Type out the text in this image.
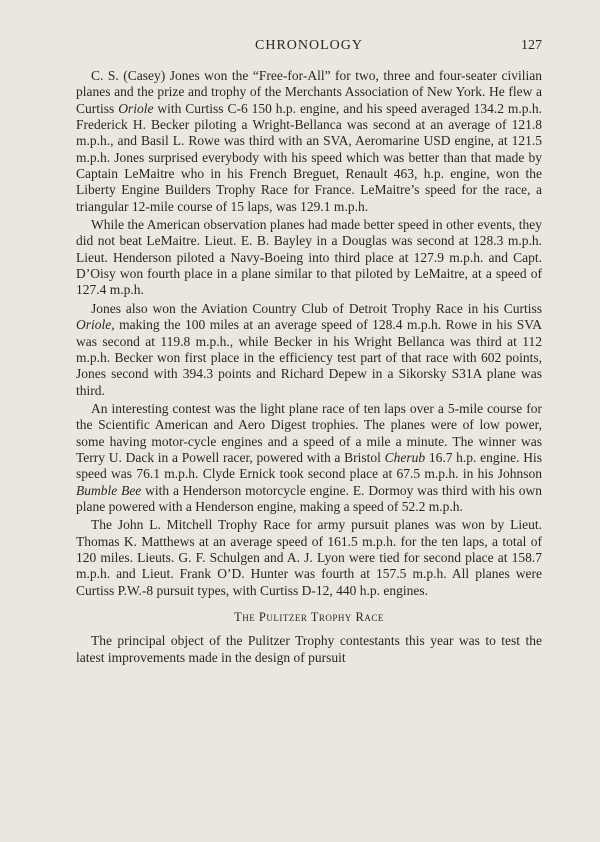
CHRONOLOGY	127

C. S. (Casey) Jones won the “Free-for-All” for two, three and four-seater civilian planes and the prize and trophy of the Merchants Association of New York. He flew a Curtiss Oriole with Curtiss C-6 150 h.p. engine, and his speed averaged 134.2 m.p.h. Frederick H. Becker piloting a Wright-Bellanca was second at an average of 121.8 m.p.h., and Basil L. Rowe was third with an SVA, Aeromarine USD engine, at 121.5 m.p.h. Jones surprised everybody with his speed which was better than that made by Captain LeMaitre who in his French Breguet, Renault 463, h.p. engine, won the Liberty Engine Builders Trophy Race for France. LeMaitre’s speed for the race, a triangular 12-mile course of 15 laps, was 129.1 m.p.h.

While the American observation planes had made better speed in other events, they did not beat LeMaitre. Lieut. E. B. Bayley in a Douglas was second at 128.3 m.p.h. Lieut. Henderson piloted a Navy-Boeing into third place at 127.9 m.p.h. and Capt. D’Oisy won fourth place in a plane similar to that piloted by LeMaitre, at a speed of 127.4 m.p.h.

Jones also won the Aviation Country Club of Detroit Trophy Race in his Curtiss Oriole, making the 100 miles at an average speed of 128.4 m.p.h. Rowe in his SVA was second at 119.8 m.p.h., while Becker in his Wright Bellanca was third at 112 m.p.h. Becker won first place in the efficiency test part of that race with 602 points, Jones second with 394.3 points and Richard Depew in a Sikorsky S31A plane was third.

An interesting contest was the light plane race of ten laps over a 5-mile course for the Scientific American and Aero Digest trophies. The planes were of low power, some having motor-cycle engines and a speed of a mile a minute. The winner was Terry U. Dack in a Powell racer, powered with a Bristol Cherub 16.7 h.p. engine. His speed was 76.1 m.p.h. Clyde Ernick took second place at 67.5 m.p.h. in his Johnson Bumble Bee with a Henderson motorcycle engine. E. Dormoy was third with his own plane powered with a Henderson engine, making a speed of 52.2 m.p.h.

The John L. Mitchell Trophy Race for army pursuit planes was won by Lieut. Thomas K. Matthews at an average speed of 161.5 m.p.h. for the ten laps, a total of 120 miles. Lieuts. G. F. Schulgen and A. J. Lyon were tied for second place at 158.7 m.p.h. and Lieut. Frank O’D. Hunter was fourth at 157.5 m.p.h. All planes were Curtiss P.W.-8 pursuit types, with Curtiss D-12, 440 h.p. engines.

The Pulitzer Trophy Race

The principal object of the Pulitzer Trophy contestants this year was to test the latest improvements made in the design of pursuit
